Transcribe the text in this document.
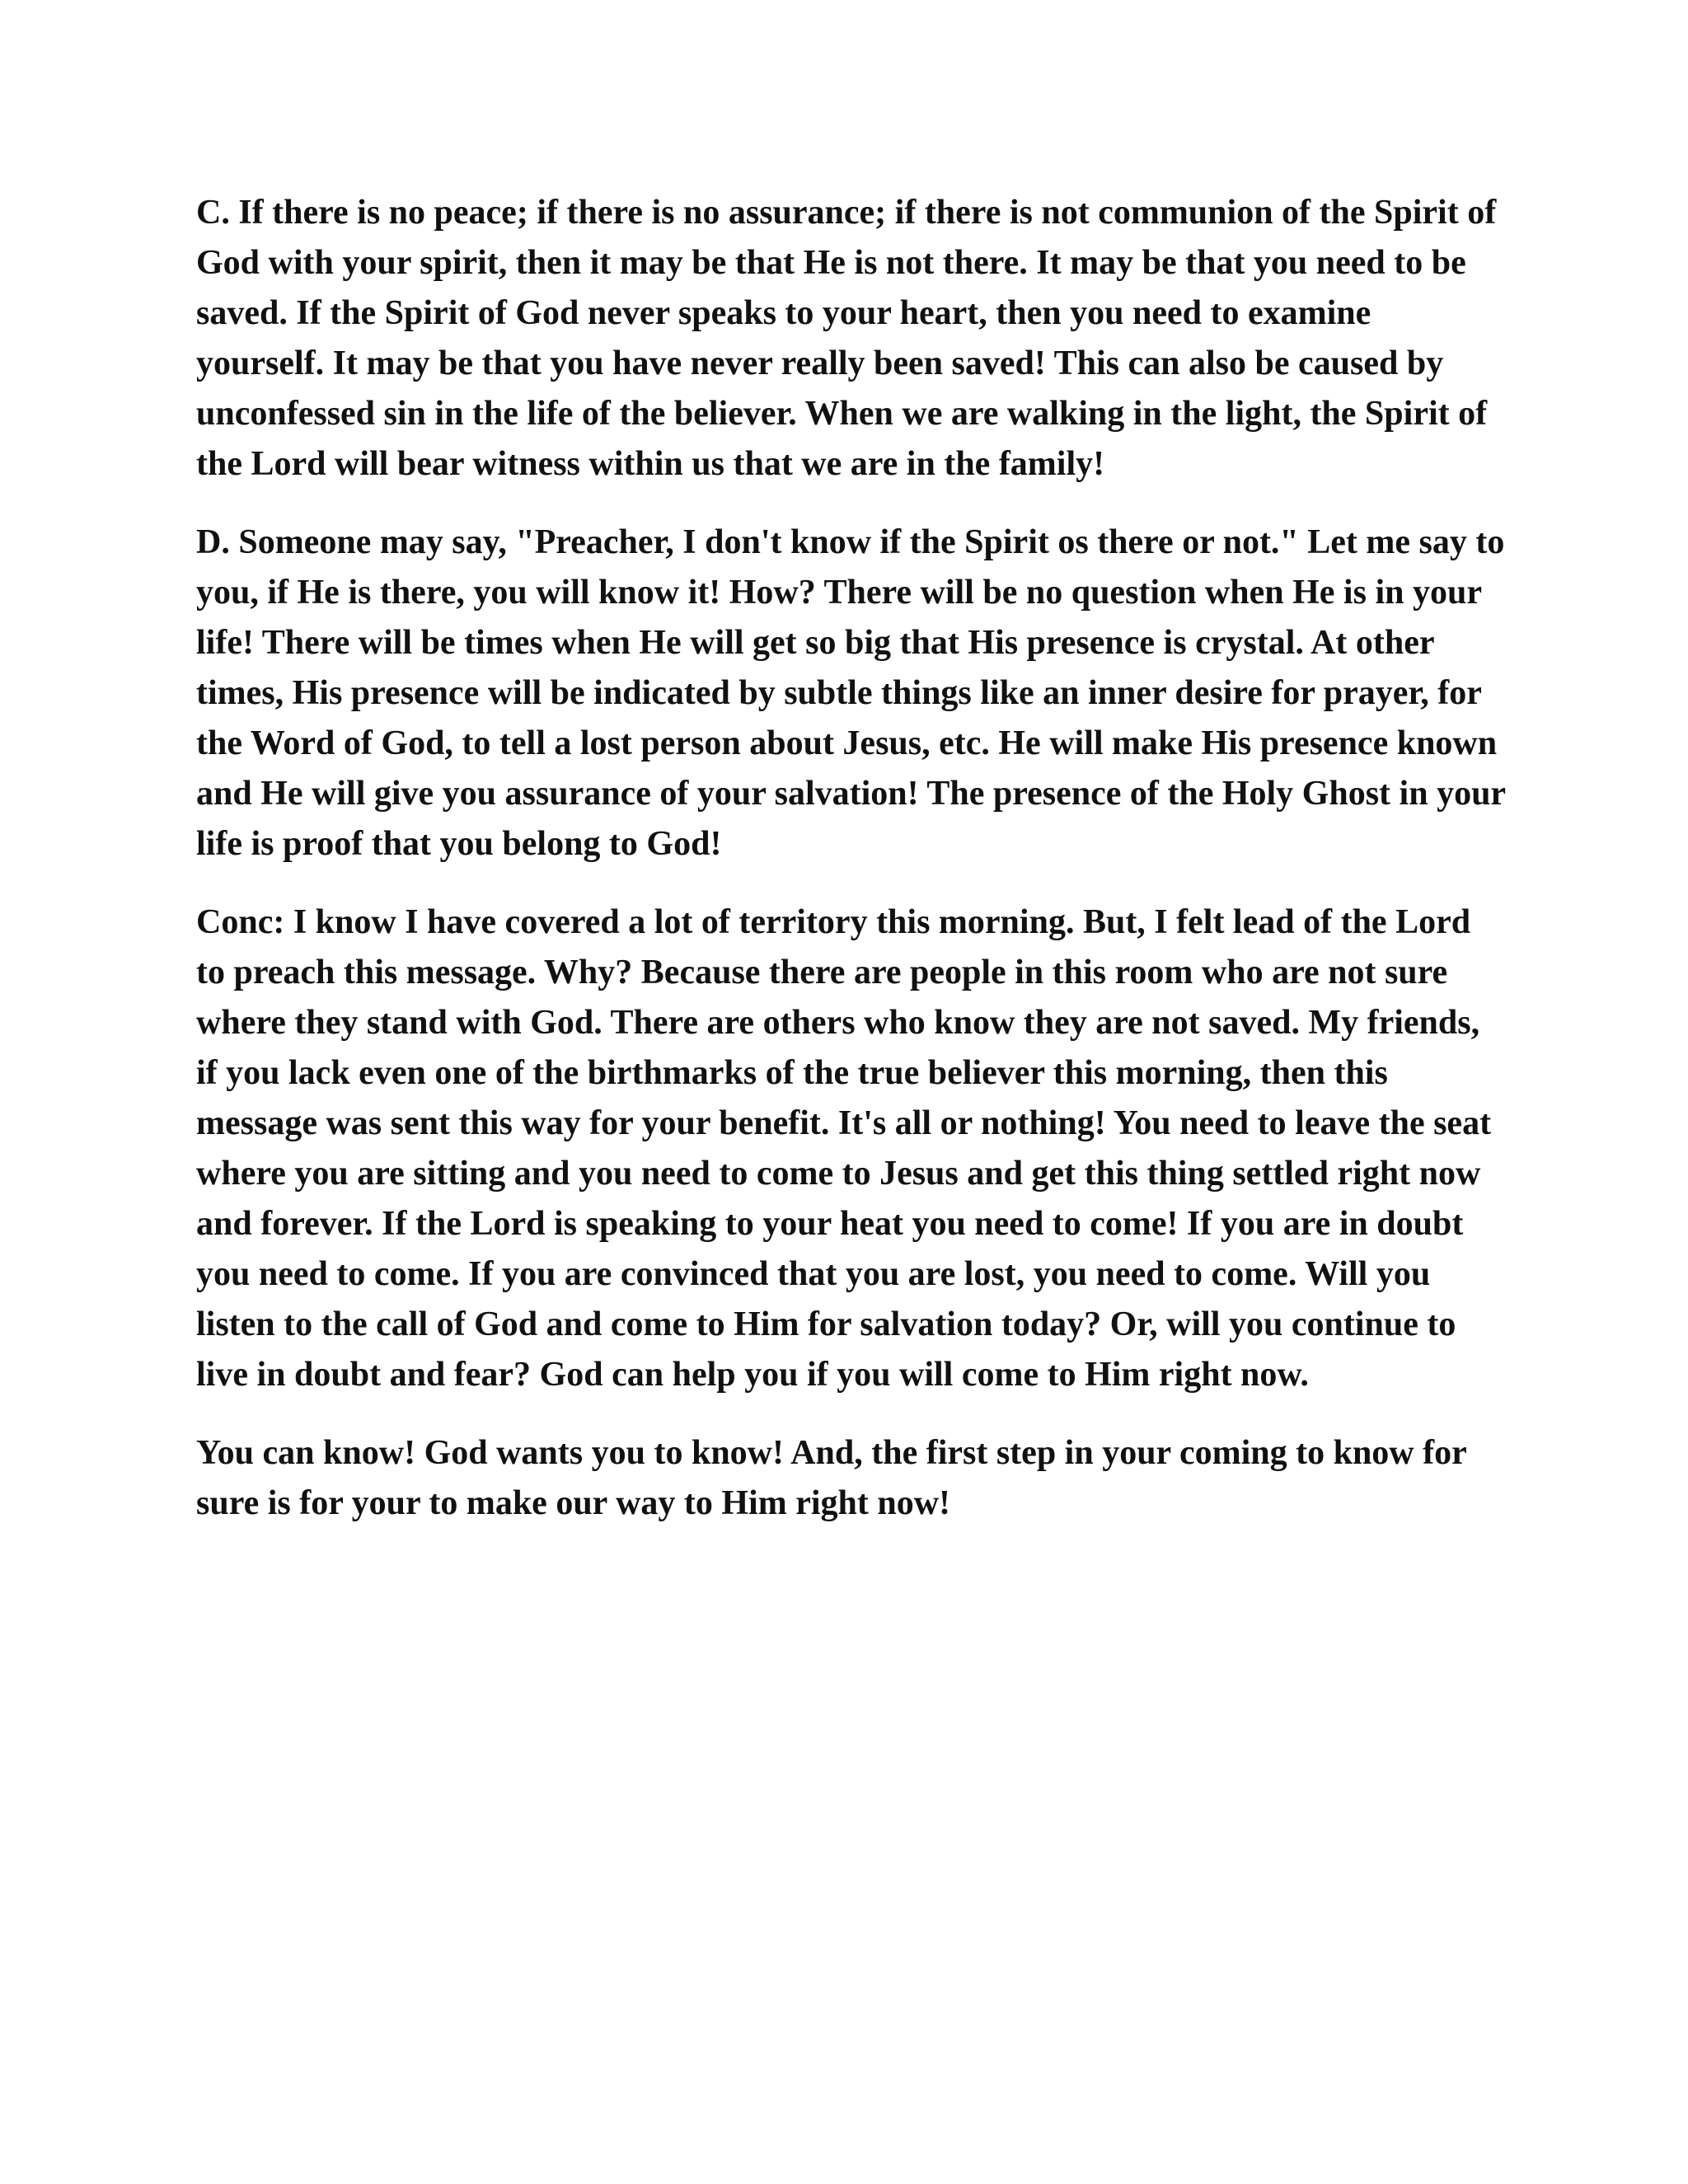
C. If there is no peace; if there is no assurance; if there is not communion of the Spirit of God with your spirit, then it may be that He is not there. It may be that you need to be saved. If the Spirit of God never speaks to your heart, then you need to examine yourself. It may be that you have never really been saved! This can also be caused by unconfessed sin in the life of the believer. When we are walking in the light, the Spirit of the Lord will bear witness within us that we are in the family!

D. Someone may say, "Preacher, I don't know if the Spirit os there or not." Let me say to you, if He is there, you will know it! How? There will be no question when He is in your life! There will be times when He will get so big that His presence is crystal. At other times, His presence will be indicated by subtle things like an inner desire for prayer, for the Word of God, to tell a lost person about Jesus, etc. He will make His presence known and He will give you assurance of your salvation! The presence of the Holy Ghost in your life is proof that you belong to God!

Conc: I know I have covered a lot of territory this morning. But, I felt lead of the Lord to preach this message. Why? Because there are people in this room who are not sure where they stand with God. There are others who know they are not saved. My friends, if you lack even one of the birthmarks of the true believer this morning, then this message was sent this way for your benefit. It's all or nothing! You need to leave the seat where you are sitting and you need to come to Jesus and get this thing settled right now and forever. If the Lord is speaking to your heat you need to come! If you are in doubt you need to come. If you are convinced that you are lost, you need to come. Will you listen to the call of God and come to Him for salvation today? Or, will you continue to live in doubt and fear? God can help you if you will come to Him right now.

You can know! God wants you to know! And, the first step in your coming to know for sure is for your to make our way to Him right now!
